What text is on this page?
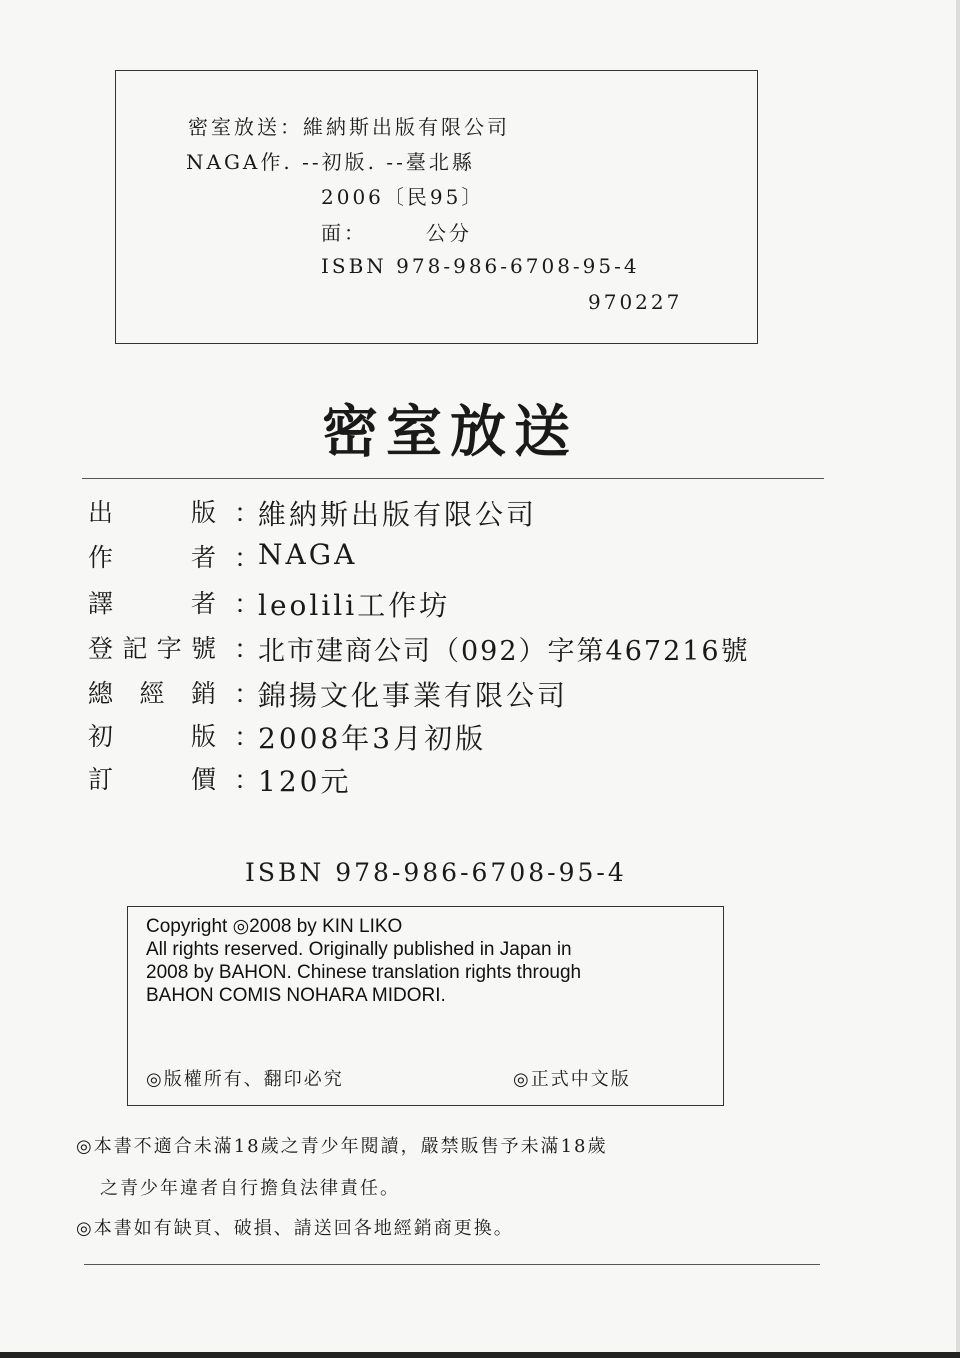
密室放送：維納斯出版有限公司
NAGA作. --初版. --臺北縣
2006〔民95〕
面：　　　公分
ISBN 978-986-6708-95-4
970227
密室放送
出	版 ：
維納斯出版有限公司
作	者 ：
NAGA
譯	者 ：
leolili工作坊
登 記 字 號 ：
北市建商公司（092）字第467216號
總 經 銷 ：
錦揚文化事業有限公司
初	版 ：
2008年3月初版
訂	價 ：
120元
ISBN 978-986-6708-95-4
Copyright ◎2008 by KIN LIKO
All rights reserved. Originally published in Japan in
2008 by BAHON. Chinese translation rights through
BAHON COMIS NOHARA MIDORI.
◎版權所有、翻印必究	◎正式中文版
◎本書不適合未滿18歲之青少年閱讀，嚴禁販售予未滿18歲
之青少年違者自行擔負法律責任。
◎本書如有缺頁、破損、請送回各地經銷商更換。
